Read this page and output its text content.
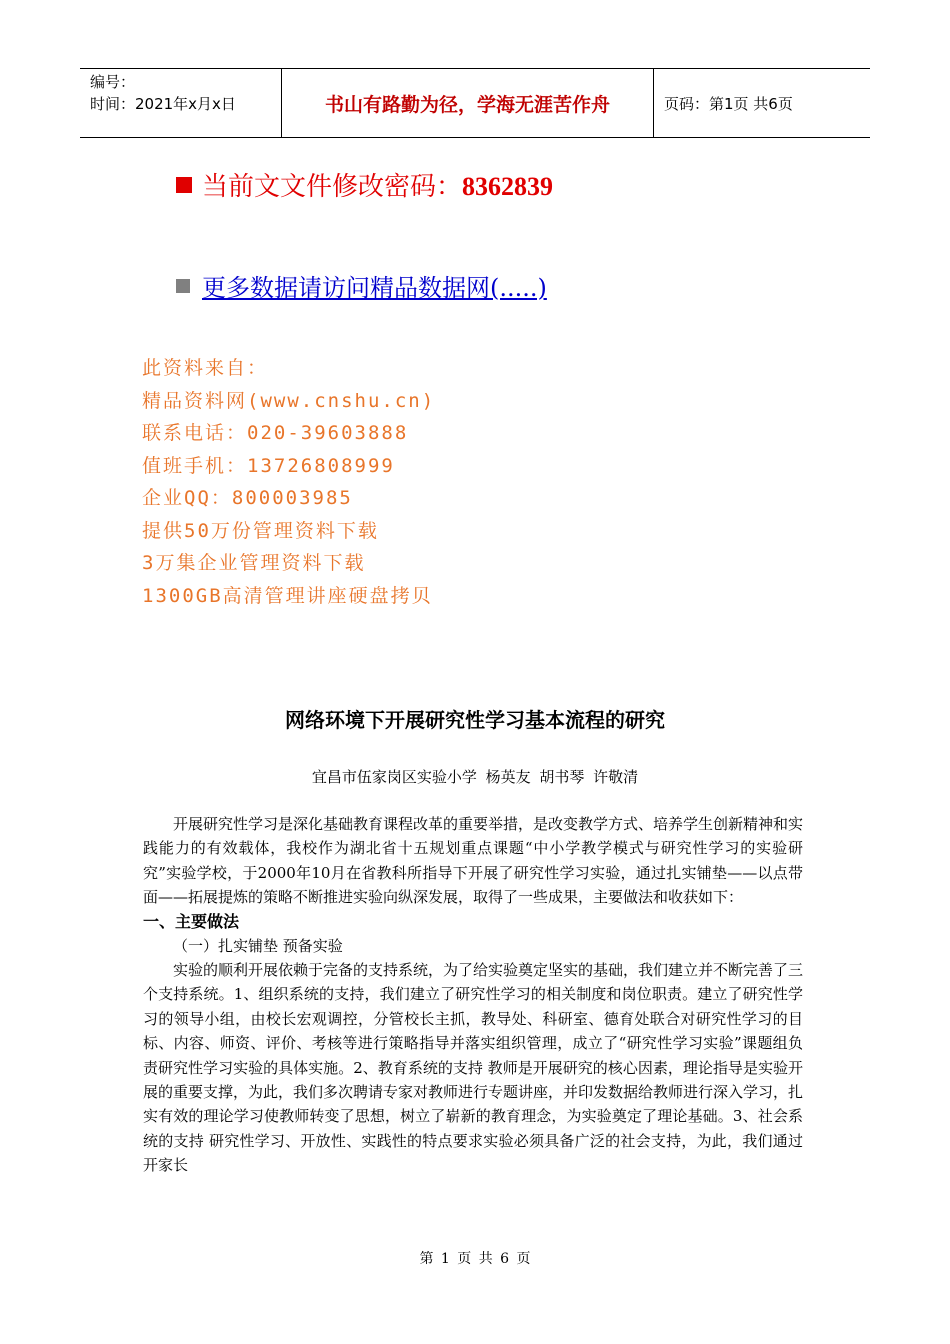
编号：
时间：2021年x月x日	书山有路勤为径，学海无涯苦作舟	页码：第1页 共6页
当前文文件修改密码：8362839
更多数据请访问精品数据网(.....)
此资料来自：
精品资料网(www.cnshu.cn)
联系电话：020-39603888
值班手机：13726808999
企业QQ：800003985
提供50万份管理资料下载
3万集企业管理资料下载
1300GB高清管理讲座硬盘拷贝
网络环境下开展研究性学习基本流程的研究
宜昌市伍家岗区实验小学 杨英友 胡书琴 许敬清

开展研究性学习是深化基础教育课程改革的重要举措，是改变教学方式、培养学生创新精神和实践能力的有效载体，我校作为湖北省十五规划重点课题“中小学教学模式与研究性学习的实验研究”实验学校，于2000年10月在省教科所指导下开展了研究性学习实验，通过扎实铺垫——以点带面——拓展提炼的策略不断推进实验向纵深发展，取得了一些成果，主要做法和收获如下：

一、主要做法

（一）扎实铺垫 预备实验

实验的顺利开展依赖于完备的支持系统，为了给实验奠定坚实的基础，我们建立并不断完善了三个支持系统。1、组织系统的支持，我们建立了研究性学习的相关制度和岗位职责。建立了研究性学习的领导小组，由校长宏观调控，分管校长主抓，教导处、科研室、德育处联合对研究性学习的目标、内容、师资、评价、考核等进行策略指导并落实组织管理，成立了“研究性学习实验”课题组负责研究性学习实验的具体实施。2、教育系统的支持 教师是开展研究的核心因素，理论指导是实验开展的重要支撑，为此，我们多次聘请专家对教师进行专题讲座，并印发数据给教师进行深入学习，扎实有效的理论学习使教师转变了思想，树立了崭新的教育理念，为实验奠定了理论基础。3、社会系统的支持 研究性学习、开放性、实践性的特点要求实验必须具备广泛的社会支持，为此，我们通过开家长

第 1 页 共 6 页
